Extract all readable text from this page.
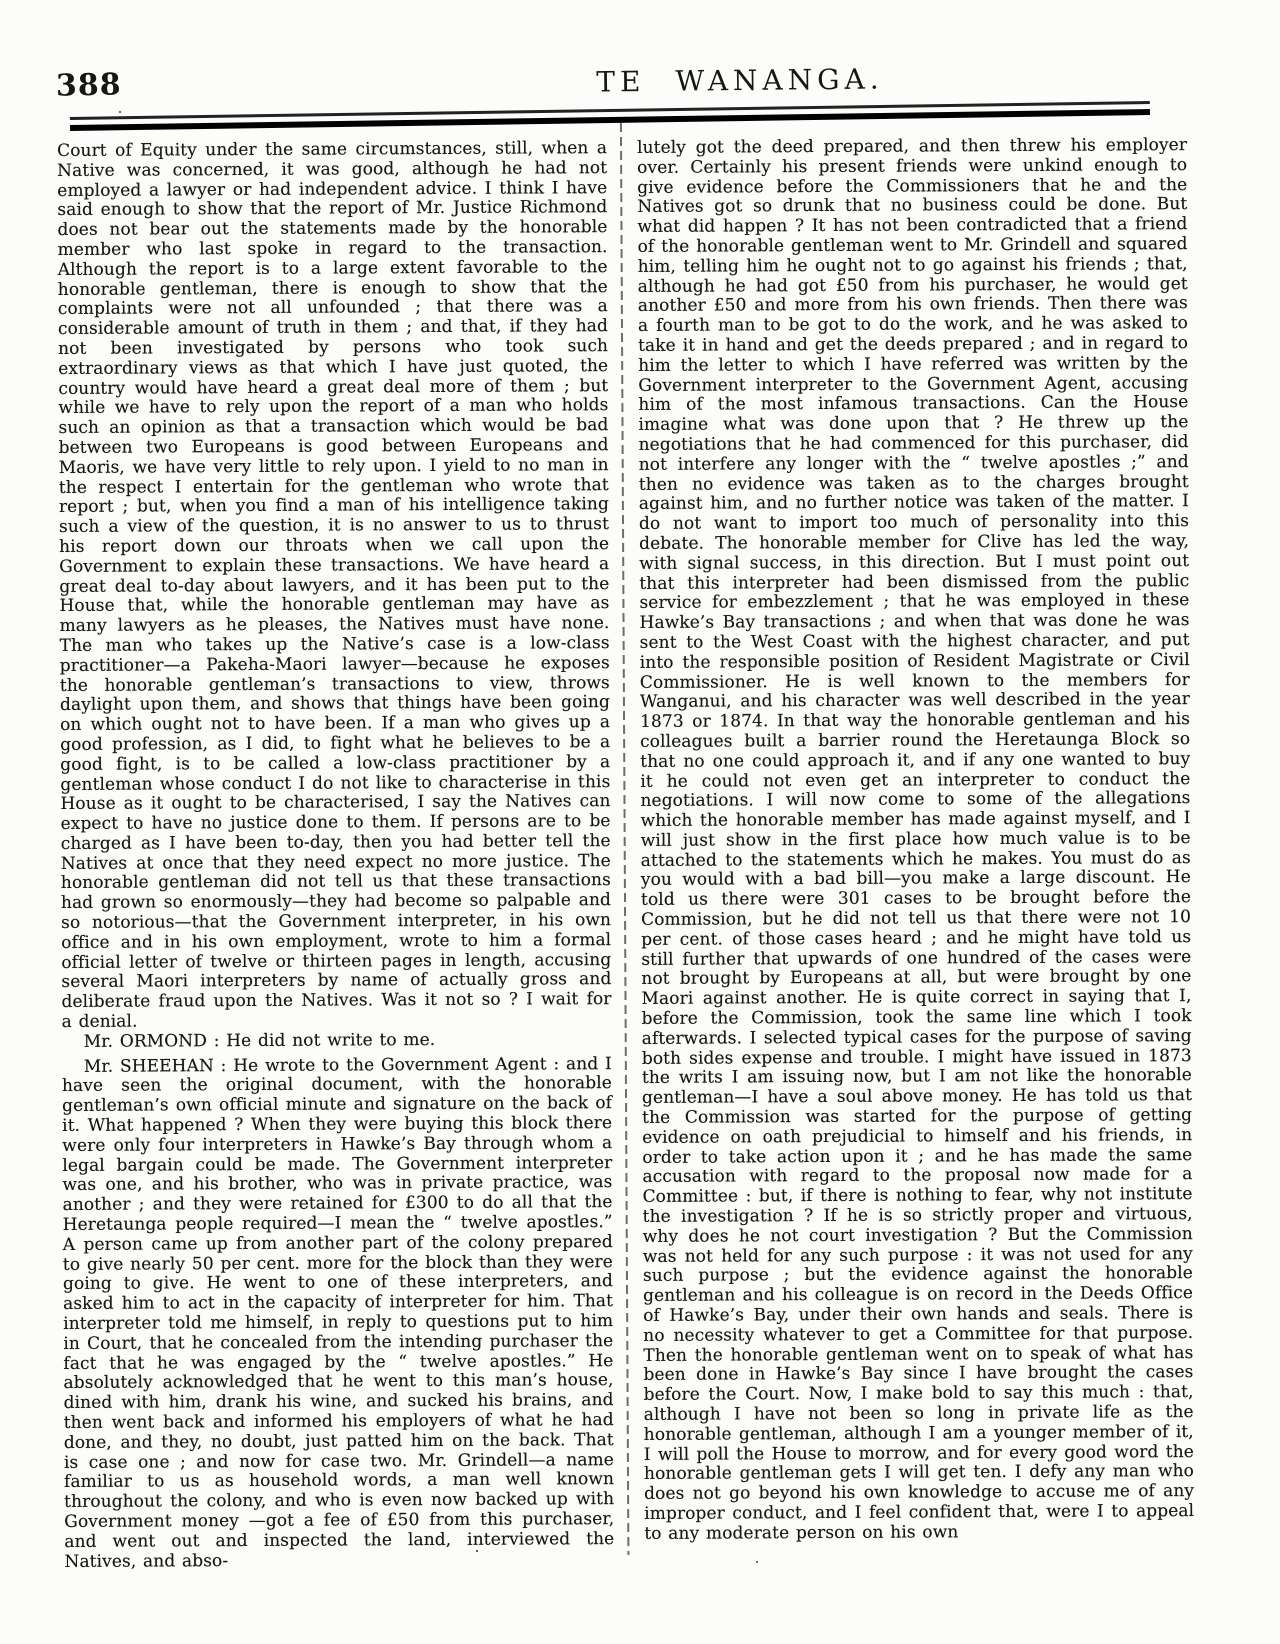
388	TE WANANGA.

Court of Equity under the same circumstances, still, when a Native was concerned, it was good, although he had not employed a lawyer or had independent advice. I think I have said enough to show that the report of Mr. Justice Richmond does not bear out the statements made by the honorable member who last spoke in regard to the transaction. Although the report is to a large extent favorable to the honorable gentleman, there is enough to show that the complaints were not all unfounded ; that there was a considerable amount of truth in them ; and that, if they had not been investigated by persons who took such extraordinary views as that which I have just quoted, the country would have heard a great deal more of them ; but while we have to rely upon the report of a man who holds such an opinion as that a transaction which would be bad between two Europeans is good between Europeans and Maoris, we have very little to rely upon. I yield to no man in the respect I entertain for the gentleman who wrote that report ; but, when you find a man of his intelligence taking such a view of the question, it is no answer to us to thrust his report down our throats when we call upon the Government to explain these transactions. We have heard a great deal to-day about lawyers, and it has been put to the House that, while the honorable gentleman may have as many lawyers as he pleases, the Natives must have none. The man who takes up the Native’s case is a low-class practitioner—a Pakeha-Maori lawyer—because he exposes the honorable gentleman’s transactions to view, throws daylight upon them, and shows that things have been going on which ought not to have been. If a man who gives up a good profession, as I did, to fight what he believes to be a good fight, is to be called a low-class practitioner by a gentleman whose conduct I do not like to characterise in this House as it ought to be characterised, I say the Natives can expect to have no justice done to them. If persons are to be charged as I have been to-day, then you had better tell the Natives at once that they need expect no more justice. The honorable gentleman did not tell us that these transactions had grown so enormously—they had become so palpable and so notorious—that the Government interpreter, in his own office and in his own employment, wrote to him a formal official letter of twelve or thirteen pages in length, accusing several Maori interpreters by name of actually gross and deliberate fraud upon the Natives. Was it not so ? I wait for a denial.

Mr. ORMOND : He did not write to me.

Mr. SHEEHAN : He wrote to the Government Agent : and I have seen the original document, with the honorable gentleman’s own official minute and signature on the back of it. What happened ? When they were buying this block there were only four interpreters in Hawke’s Bay through whom a legal bargain could be made. The Government interpreter was one, and his brother, who was in private practice, was another ; and they were retained for £300 to do all that the Heretaunga people required—I mean the “ twelve apostles.” A person came up from another part of the colony prepared to give nearly 50 per cent. more for the block than they were going to give. He went to one of these interpreters, and asked him to act in the capacity of interpreter for him. That interpreter told me himself, in reply to questions put to him in Court, that he concealed from the intending purchaser the fact that he was engaged by the “ twelve apostles.” He absolutely acknowledged that he went to this man’s house, dined with him, drank his wine, and sucked his brains, and then went back and informed his employers of what he had done, and they, no doubt, just patted him on the back. That is case one ; and now for case two. Mr. Grindell—a name familiar to us as household words, a man well known throughout the colony, and who is even now backed up with Government money —got a fee of £50 from this purchaser, and went out and inspected the land, interviewed the Natives, and abso-

lutely got the deed prepared, and then threw his employer over. Certainly his present friends were unkind enough to give evidence before the Commissioners that he and the Natives got so drunk that no business could be done. But what did happen ? It has not been contradicted that a friend of the honorable gentleman went to Mr. Grindell and squared him, telling him he ought not to go against his friends ; that, although he had got £50 from his purchaser, he would get another £50 and more from his own friends. Then there was a fourth man to be got to do the work, and he was asked to take it in hand and get the deeds prepared ; and in regard to him the letter to which I have referred was written by the Government interpreter to the Government Agent, accusing him of the most infamous transactions. Can the House imagine what was done upon that ? He threw up the negotiations that he had commenced for this purchaser, did not interfere any longer with the “ twelve apostles ;” and then no evidence was taken as to the charges brought against him, and no further notice was taken of the matter. I do not want to import too much of personality into this debate. The honorable member for Clive has led the way, with signal success, in this direction. But I must point out that this interpreter had been dismissed from the public service for embezzlement ; that he was employed in these Hawke’s Bay transactions ; and when that was done he was sent to the West Coast with the highest character, and put into the responsible position of Resident Magistrate or Civil Commissioner. He is well known to the members for Wanganui, and his character was well described in the year 1873 or 1874. In that way the honorable gentleman and his colleagues built a barrier round the Heretaunga Block so that no one could approach it, and if any one wanted to buy it he could not even get an interpreter to conduct the negotiations. I will now come to some of the allegations which the honorable member has made against myself, and I will just show in the first place how much value is to be attached to the statements which he makes. You must do as you would with a bad bill—you make a large discount. He told us there were 301 cases to be brought before the Commission, but he did not tell us that there were not 10 per cent. of those cases heard ; and he might have told us still further that upwards of one hundred of the cases were not brought by Europeans at all, but were brought by one Maori against another. He is quite correct in saying that I, before the Commission, took the same line which I took afterwards. I selected typical cases for the purpose of saving both sides expense and trouble. I might have issued in 1873 the writs I am issuing now, but I am not like the honorable gentleman—I have a soul above money. He has told us that the Commission was started for the purpose of getting evidence on oath prejudicial to himself and his friends, in order to take action upon it ; and he has made the same accusation with regard to the proposal now made for a Committee : but, if there is nothing to fear, why not institute the investigation ? If he is so strictly proper and virtuous, why does he not court investigation ? But the Commission was not held for any such purpose : it was not used for any such purpose ; but the evidence against the honorable gentleman and his colleague is on record in the Deeds Office of Hawke’s Bay, under their own hands and seals. There is no necessity whatever to get a Committee for that purpose. Then the honorable gentleman went on to speak of what has been done in Hawke’s Bay since I have brought the cases before the Court. Now, I make bold to say this much : that, although I have not been so long in private life as the honorable gentleman, although I am a younger member of it, I will poll the House to morrow, and for every good word the honorable gentleman gets I will get ten. I defy any man who does not go beyond his own knowledge to accuse me of any improper conduct, and I feel confident that, were I to appeal to any moderate person on his own
